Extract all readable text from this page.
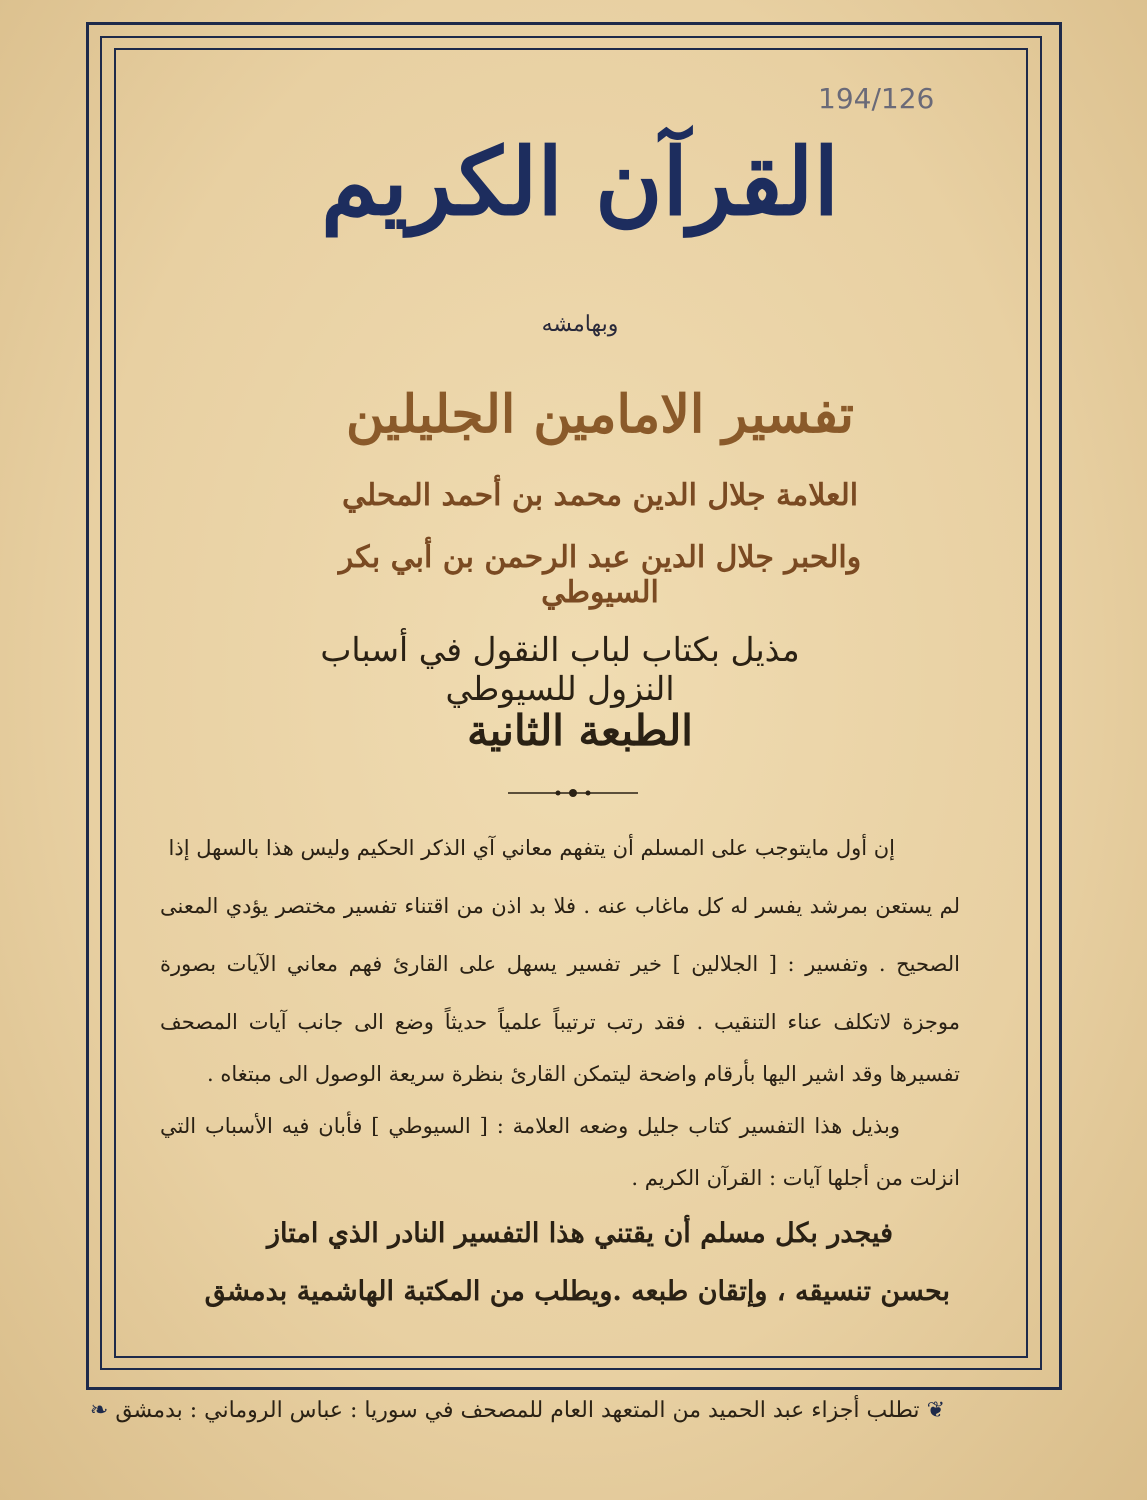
194/126
القرآن الكريم
وبهامشه
تفسير الامامين الجليلين
العلامة جلال الدين محمد بن أحمد المحلي
والحبر جلال الدين عبد الرحمن بن أبي بكر السيوطي
مذيل بكتاب لباب النقول في أسباب النزول للسيوطي
الطبعة الثانية
إن أول مايتوجب على المسلم أن يتفهم معاني آي الذكر الحكيم وليس هذا بالسهل إذا
لم يستعن بمرشد يفسر له كل ماغاب عنه . فلا بد اذن من اقتناء تفسير مختصر يؤدي المعنى
الصحيح . وتفسير : [ الجلالين ] خير تفسير يسهل على القارئ فهم معاني الآيات بصورة
موجزة لاتكلف عناء التنقيب . فقد رتب ترتيباً علمياً حديثاً وضع الى جانب آيات المصحف
تفسيرها وقد اشير اليها بأرقام واضحة ليتمكن القارئ بنظرة سريعة الوصول الى مبتغاه .
وبذيل هذا التفسير كتاب جليل وضعه العلامة : [ السيوطي ] فأبان فيه الأسباب التي
انزلت من أجلها آيات : القرآن الكريم .
فيجدر بكل مسلم أن يقتني هذا التفسير النادر الذي امتاز
بحسن تنسيقه ، وإتقان طبعه .ويطلب من المكتبة الهاشمية بدمشق
❦ تطلب أجزاء عبد الحميد من المتعهد العام للمصحف في سوريا : عباس الروماني : بدمشق ❧
